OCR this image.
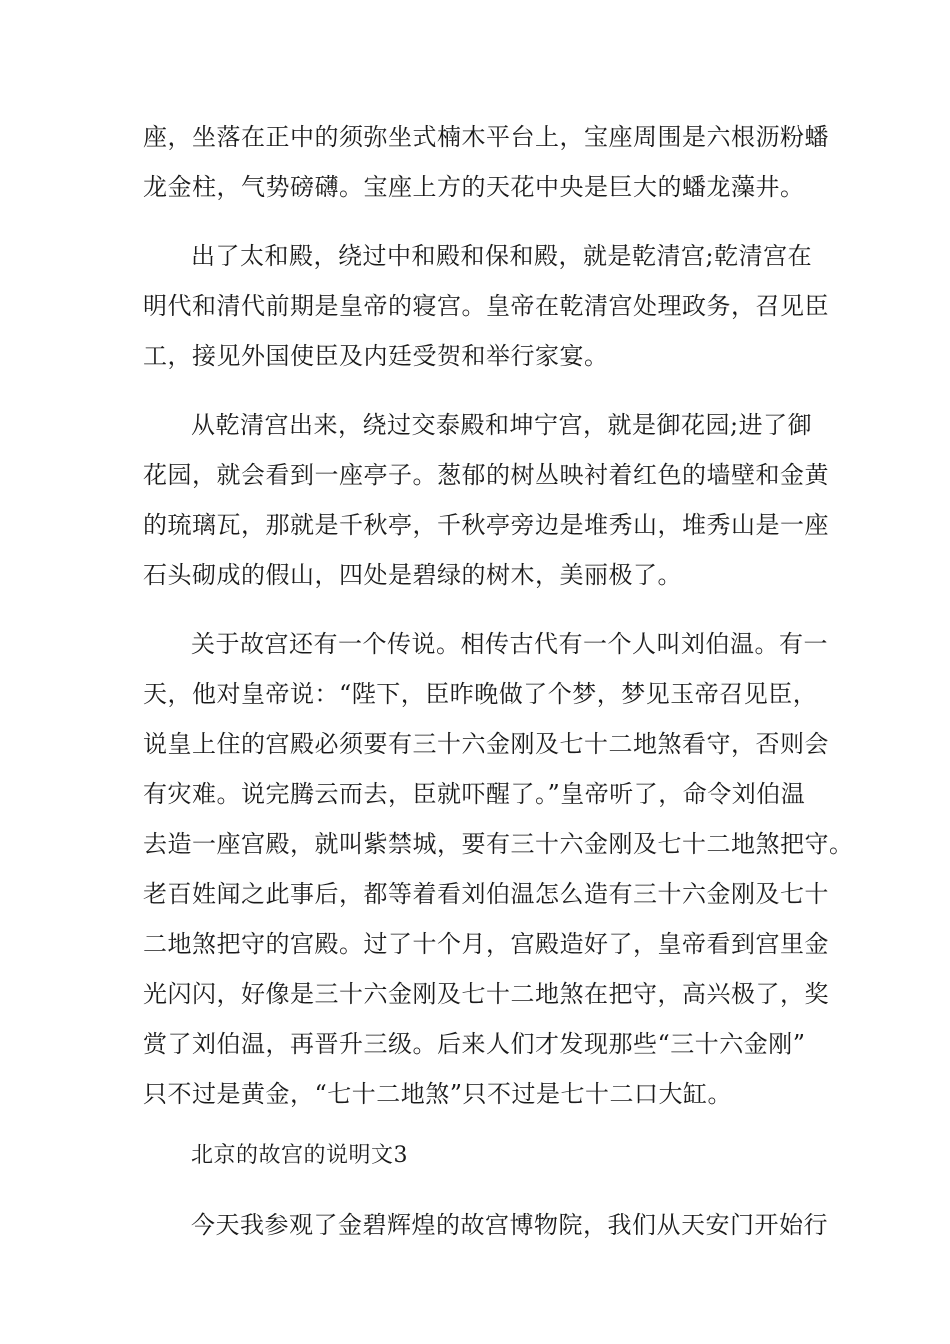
座，坐落在正中的须弥坐式楠木平台上，宝座周围是六根沥粉蟠
龙金柱，气势磅礴。宝座上方的天花中央是巨大的蟠龙藻井。
出了太和殿，绕过中和殿和保和殿，就是乾清宫;乾清宫在
明代和清代前期是皇帝的寝宫。皇帝在乾清宫处理政务，召见臣
工，接见外国使臣及内廷受贺和举行家宴。
从乾清宫出来，绕过交泰殿和坤宁宫，就是御花园;进了御
花园，就会看到一座亭子。葱郁的树丛映衬着红色的墙壁和金黄
的琉璃瓦，那就是千秋亭，千秋亭旁边是堆秀山，堆秀山是一座
石头砌成的假山，四处是碧绿的树木，美丽极了。
关于故宫还有一个传说。相传古代有一个人叫刘伯温。有一
天，他对皇帝说：“陛下，臣昨晚做了个梦，梦见玉帝召见臣，
说皇上住的宫殿必须要有三十六金刚及七十二地煞看守，否则会
有灾难。说完腾云而去，臣就吓醒了。”皇帝听了，命令刘伯温
去造一座宫殿，就叫紫禁城，要有三十六金刚及七十二地煞把守。
老百姓闻之此事后，都等着看刘伯温怎么造有三十六金刚及七十
二地煞把守的宫殿。过了十个月，宫殿造好了，皇帝看到宫里金
光闪闪，好像是三十六金刚及七十二地煞在把守，高兴极了，奖
赏了刘伯温，再晋升三级。后来人们才发现那些“三十六金刚”
只不过是黄金，“七十二地煞”只不过是七十二口大缸。
北京的故宫的说明文3
今天我参观了金碧辉煌的故宫博物院，我们从天安门开始行
